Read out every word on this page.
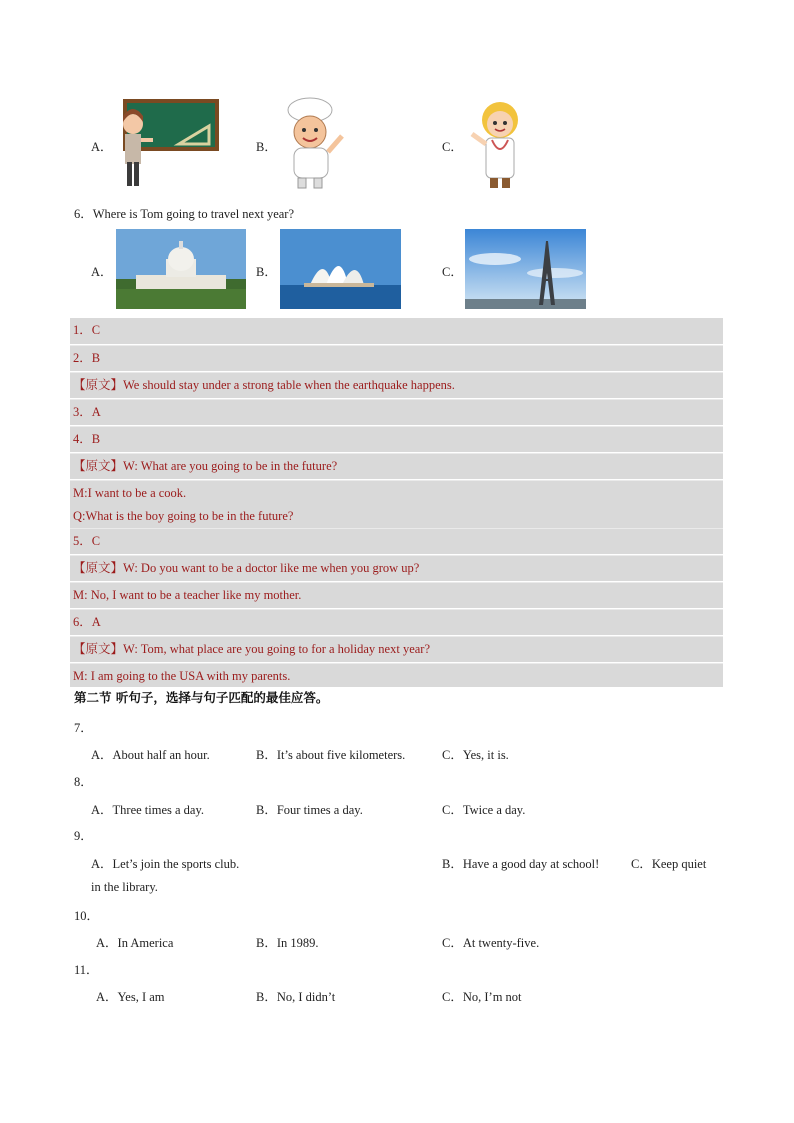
A．	B．	C．
6．Where is Tom going to travel next year?
A．	B．	C．
1．C
2．B
【原文】We should stay under a strong table when the earthquake happens.
3．A
4．B
【原文】W: What are you going to be in the future?
M:I want to be a cook.
Q:What is the boy going to be in the future?
5．C
【原文】W: Do you want to be a doctor like me when you grow up?
M: No, I want to be a teacher like my mother.
6．A
【原文】W: Tom, what place are you going to for a holiday next year?
M: I am going to the USA with my parents.
第二节 听句子，选择与句子匹配的最佳应答。
7．
A．About half an hour.	B．It’s about five kilometers.	C．Yes, it is.
8．
A．Three times a day.	B．Four times a day.	C．Twice a day.
9．
A．Let’s join the sports club.	B．Have a good day at school!	C．Keep quiet
in the library.
10．
A．In America	B．In 1989.	C．At twenty-five.
11．
A．Yes, I am	B．No, I didn’t	C．No, I’m not
